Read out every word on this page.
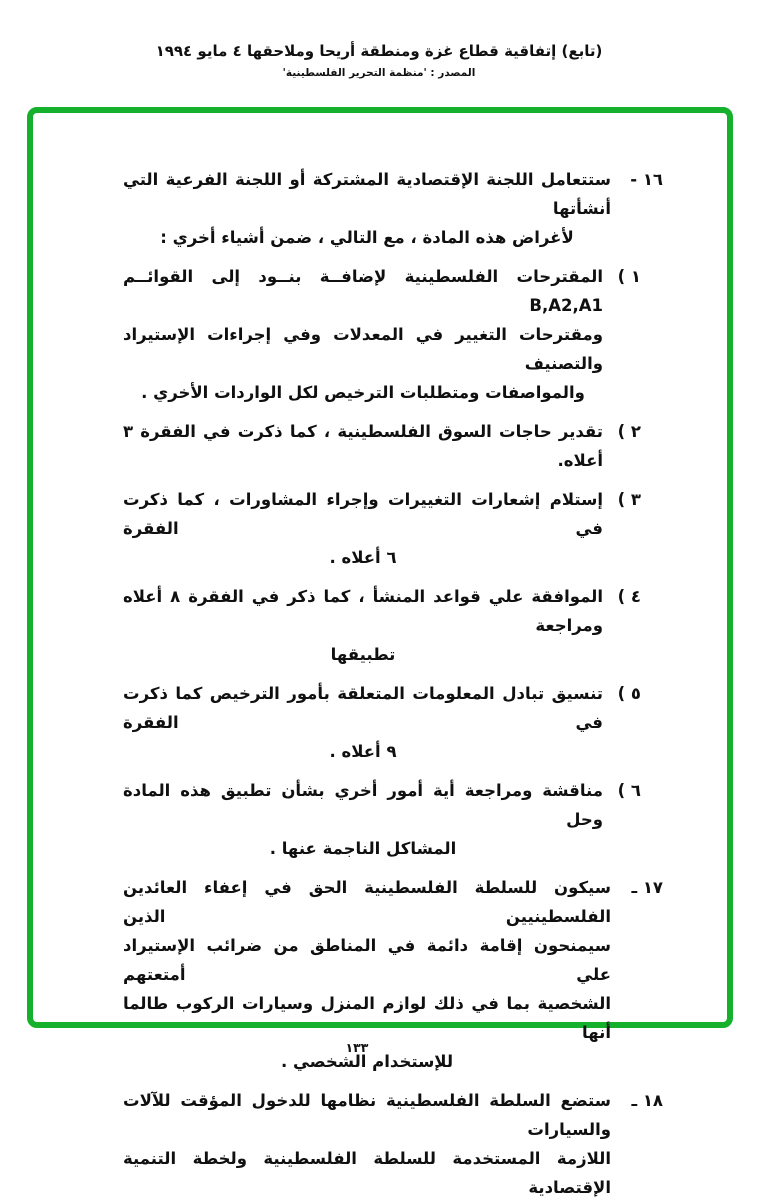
(تابع) إتفاقية قطاع غزة ومنطقة أريحا وملاحقها ٤ مايو ١٩٩٤
المصدر : 'منظمة التحرير الفلسطينية'
١٦ -
ستتعامل اللجنة الإقتصادية المشتركة أو اللجنة الفرعية التي أنشأتها
لأغراض هذه المادة ، مع التالي ، ضمن أشياء أخري :
١ )
المقترحات الفلسطينية لإضافــة بنــود إلى القوائــم B,A2,A1
ومقترحات التغيير في المعدلات وفي إجراءات الإستيراد والتصنيف
والمواصفات ومتطلبات الترخيص لكل الواردات الأخري .
٢ )
تقدير حاجات السوق الفلسطينية ، كما ذكرت في الفقرة ٣ أعلاه.
٣ )
إستلام إشعارات التغييرات وإجراء المشاورات ، كما ذكرت في الفقرة
٦ أعلاه .
٤ )
الموافقة علي قواعد المنشأ ، كما ذكر في الفقرة ٨ أعلاه ومراجعة
تطبيقها
٥ )
تنسيق تبادل المعلومات المتعلقة بأمور الترخيص كما ذكرت في الفقرة
٩ أعلاه .
٦ )
مناقشة ومراجعة أية أمور أخري بشأن تطبيق هذه المادة وحل
المشاكل الناجمة عنها .
١٧ ـ
سيكون للسلطة الفلسطينية الحق في إعفاء العائدين الفلسطينيين الذين
سيمنحون إقامة دائمة في المناطق من ضرائب الإستيراد علي أمتعتهم
الشخصية بما في ذلك لوازم المنزل وسيارات الركوب طالما أنها
للإستخدام الشخصي .
١٨ ـ
ستضع السلطة الفلسطينية نظامها للدخول المؤقت للآلات والسيارات
اللازمة المستخدمة للسلطة الفلسطينية ولخطة التنمية الإقتصادية
١٣٣
